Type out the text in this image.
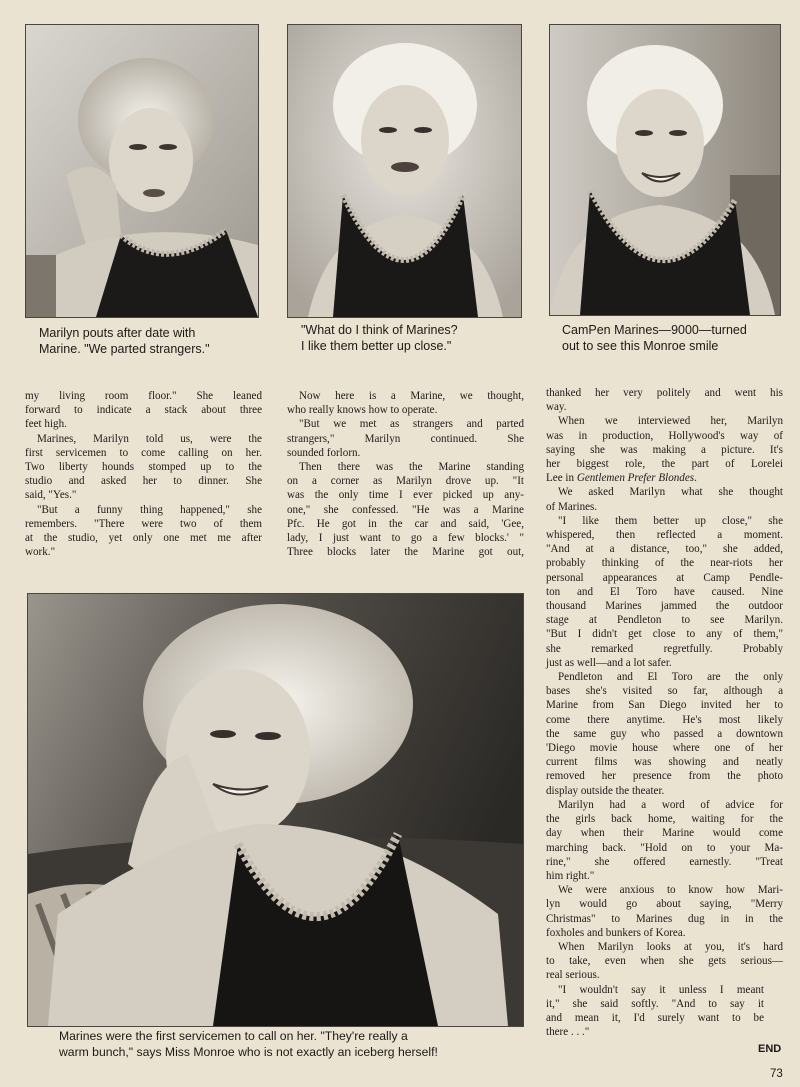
Marilyn pouts after date with
Marine. "We parted strangers."

"What do I think of Marines?
I like them better up close."

CamPen Marines—9000—turned
out to see this Monroe smile

my living room floor." She leaned
forward to indicate a stack about three
feet high.

Marines, Marilyn told us, were the
first servicemen to come calling on her.
Two liberty hounds stomped up to the
studio and asked her to dinner. She
said, "Yes."

"But a funny thing happened," she
remembers. "There were two of them
at the studio, yet only one met me after
work."

Now here is a Marine, we thought,
who really knows how to operate.

"But we met as strangers and parted
strangers," Marilyn continued. She
sounded forlorn.

Then there was the Marine standing
on a corner as Marilyn drove up. "It
was the only time I ever picked up any-
one," she confessed. "He was a Marine
Pfc. He got in the car and said, 'Gee,
lady, I just want to go a few blocks.' "
Three blocks later the Marine got out,

thanked her very politely and went his
way.

When we interviewed her, Marilyn
was in production, Hollywood's way of
saying she was making a picture. It's
her biggest role, the part of Lorelei
Lee in Gentlemen Prefer Blondes.

We asked Marilyn what she thought
of Marines.

"I like them better up close," she
whispered, then reflected a moment.
"And at a distance, too," she added,
probably thinking of the near-riots her
personal appearances at Camp Pendle-
ton and El Toro have caused. Nine
thousand Marines jammed the outdoor
stage at Pendleton to see Marilyn.
"But I didn't get close to any of them,"
she remarked regretfully. Probably
just as well—and a lot safer.

Pendleton and El Toro are the only
bases she's visited so far, although a
Marine from San Diego invited her to
come there anytime. He's most likely
the same guy who passed a downtown
'Diego movie house where one of her
current films was showing and neatly
removed her presence from the photo
display outside the theater.

Marilyn had a word of advice for
the girls back home, waiting for the
day when their Marine would come
marching back. "Hold on to your Ma-
rine," she offered earnestly. "Treat
him right."

We were anxious to know how Mari-
lyn would go about saying, "Merry
Christmas" to Marines dug in in the
foxholes and bunkers of Korea.

When Marilyn looks at you, it's hard
to take, even when she gets serious—
real serious.

"I wouldn't say it unless I meant
it," she said softly. "And to say it
and mean it, I'd surely want to be
there . . ."

Marines were the first servicemen to call on her. "They're really a
warm bunch," says Miss Monroe who is not exactly an iceberg herself!	END
73
